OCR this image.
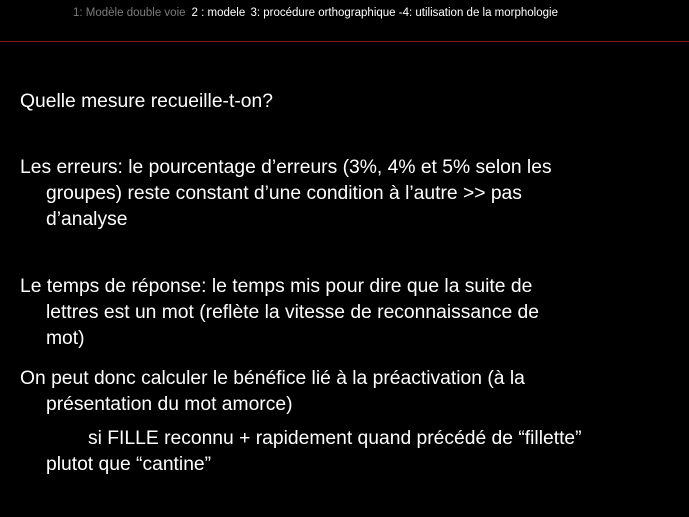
1: Modèle double voie 2 : modele 3: procédure orthographique -4: utilisation de la morphologie
Quelle mesure recueille-t-on?
Les erreurs: le pourcentage d’erreurs (3%, 4% et 5% selon les
groupes) reste constant d’une condition à l’autre >> pas
d’analyse
Le temps de réponse: le temps mis pour dire que la suite de
lettres est un mot (reflète la vitesse de reconnaissance de
mot)
On peut donc calculer le bénéfice lié à la préactivation (à la
présentation du mot amorce)
si FILLE reconnu + rapidement quand précédé de “fillette”
plutot que “cantine”
